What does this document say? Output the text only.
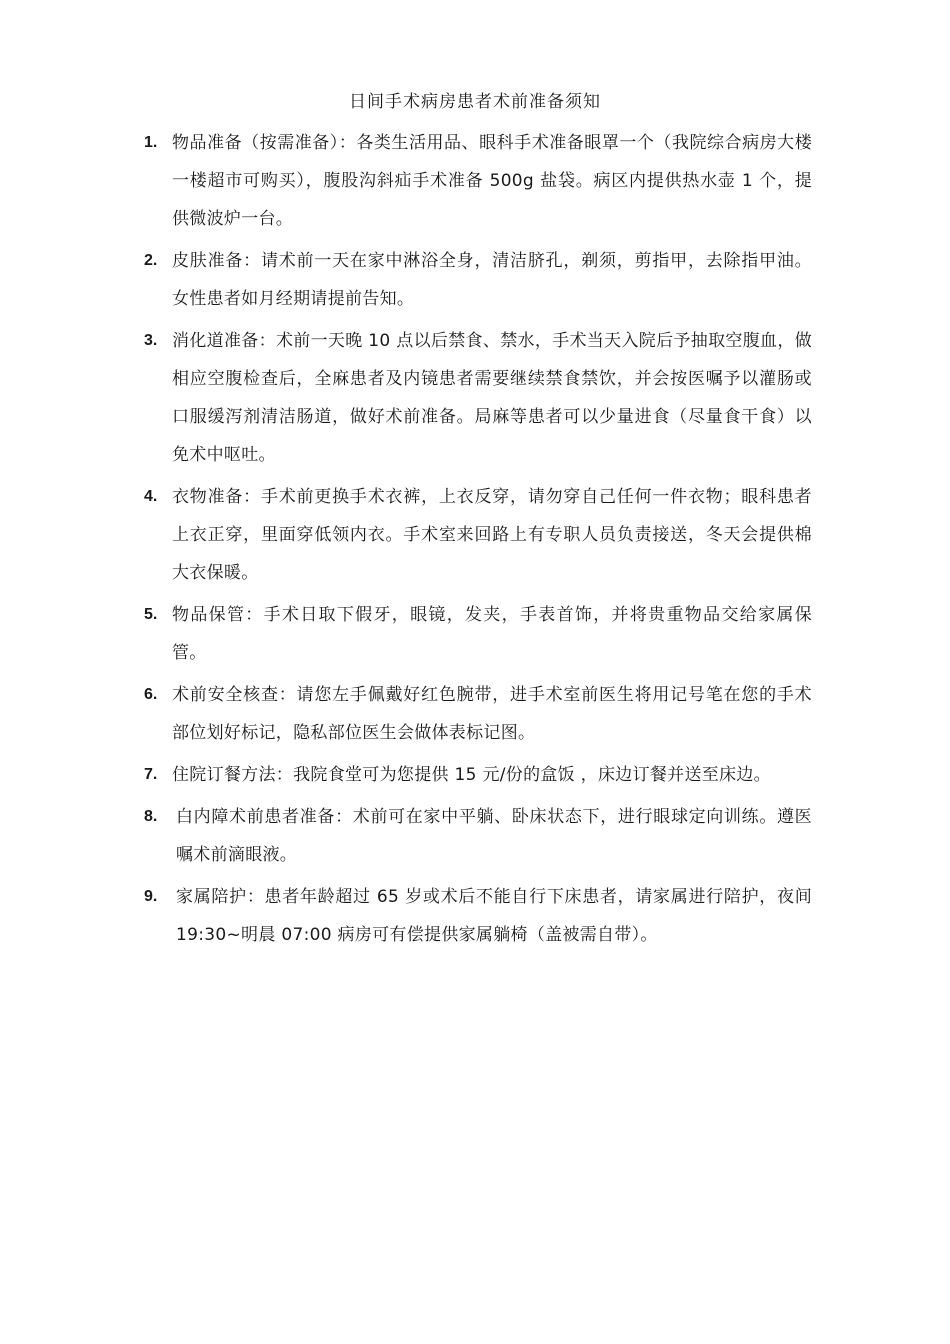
日间手术病房患者术前准备须知
1. 物品准备（按需准备）：各类生活用品、眼科手术准备眼罩一个（我院综合病房大楼一楼超市可购买），腹股沟斜疝手术准备 500g 盐袋。病区内提供热水壶 1 个，提供微波炉一台。
2. 皮肤准备：请术前一天在家中淋浴全身，清洁脐孔，剃须，剪指甲，去除指甲油。女性患者如月经期请提前告知。
3. 消化道准备：术前一天晚 10 点以后禁食、禁水，手术当天入院后予抽取空腹血，做相应空腹检查后，全麻患者及内镜患者需要继续禁食禁饮，并会按医嘱予以灌肠或口服缓泻剂清洁肠道，做好术前准备。局麻等患者可以少量进食（尽量食干食）以免术中呕吐。
4. 衣物准备：手术前更换手术衣裤，上衣反穿，请勿穿自己任何一件衣物；眼科患者上衣正穿，里面穿低领内衣。手术室来回路上有专职人员负责接送，冬天会提供棉大衣保暖。
5. 物品保管：手术日取下假牙，眼镜，发夹，手表首饰，并将贵重物品交给家属保管。
6. 术前安全核查：请您左手佩戴好红色腕带，进手术室前医生将用记号笔在您的手术部位划好标记，隐私部位医生会做体表标记图。
7. 住院订餐方法：我院食堂可为您提供 15 元/份的盒饭 ，床边订餐并送至床边。
8.	白内障术前患者准备：术前可在家中平躺、卧床状态下，进行眼球定向训练。遵医嘱术前滴眼液。
9.	家属陪护：患者年龄超过 65 岁或术后不能自行下床患者，请家属进行陪护，夜间 19:30~明晨 07:00 病房可有偿提供家属躺椅（盖被需自带）。
